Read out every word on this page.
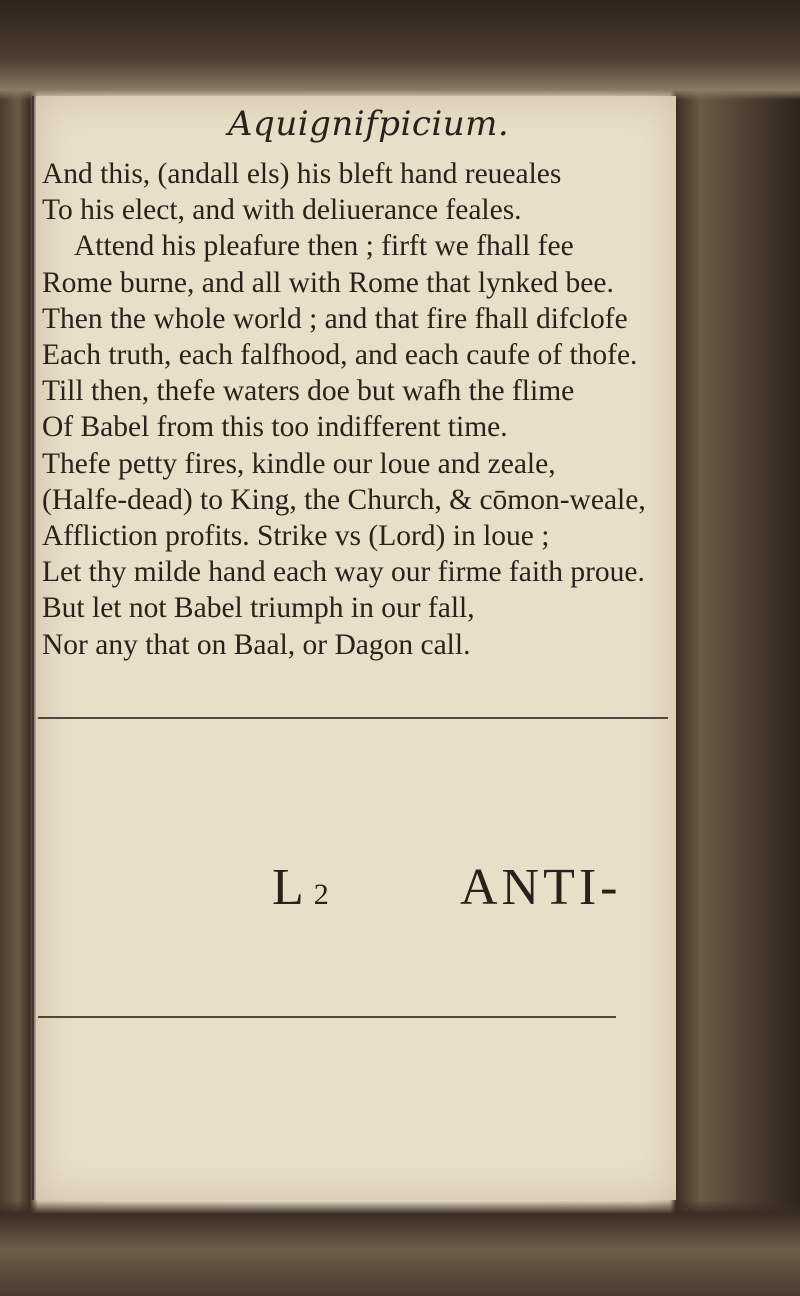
Aquignifpicium.
And this, (andall els) his bleft hand reueales
To his elect, and with deliuerance feales.
Attend his pleafure then ; firft we fhall fee
Rome burne, and all with Rome that lynked bee.
Then the whole world ; and that fire fhall difclofe
Each truth, each falfhood, and each caufe of thofe.
Till then, thefe waters doe but wafh the flime
Of Babel from this too indifferent time.
Thefe petty fires, kindle our loue and zeale,
(Halfe-dead) to King, the Church, & cōmon-weale,
Affliction profits. Strike vs (Lord) in loue ;
Let thy milde hand each way our firme faith proue.
But let not Babel triumph in our fall,
Nor any that on Baal, or Dagon call.
L 2	ANTI-
